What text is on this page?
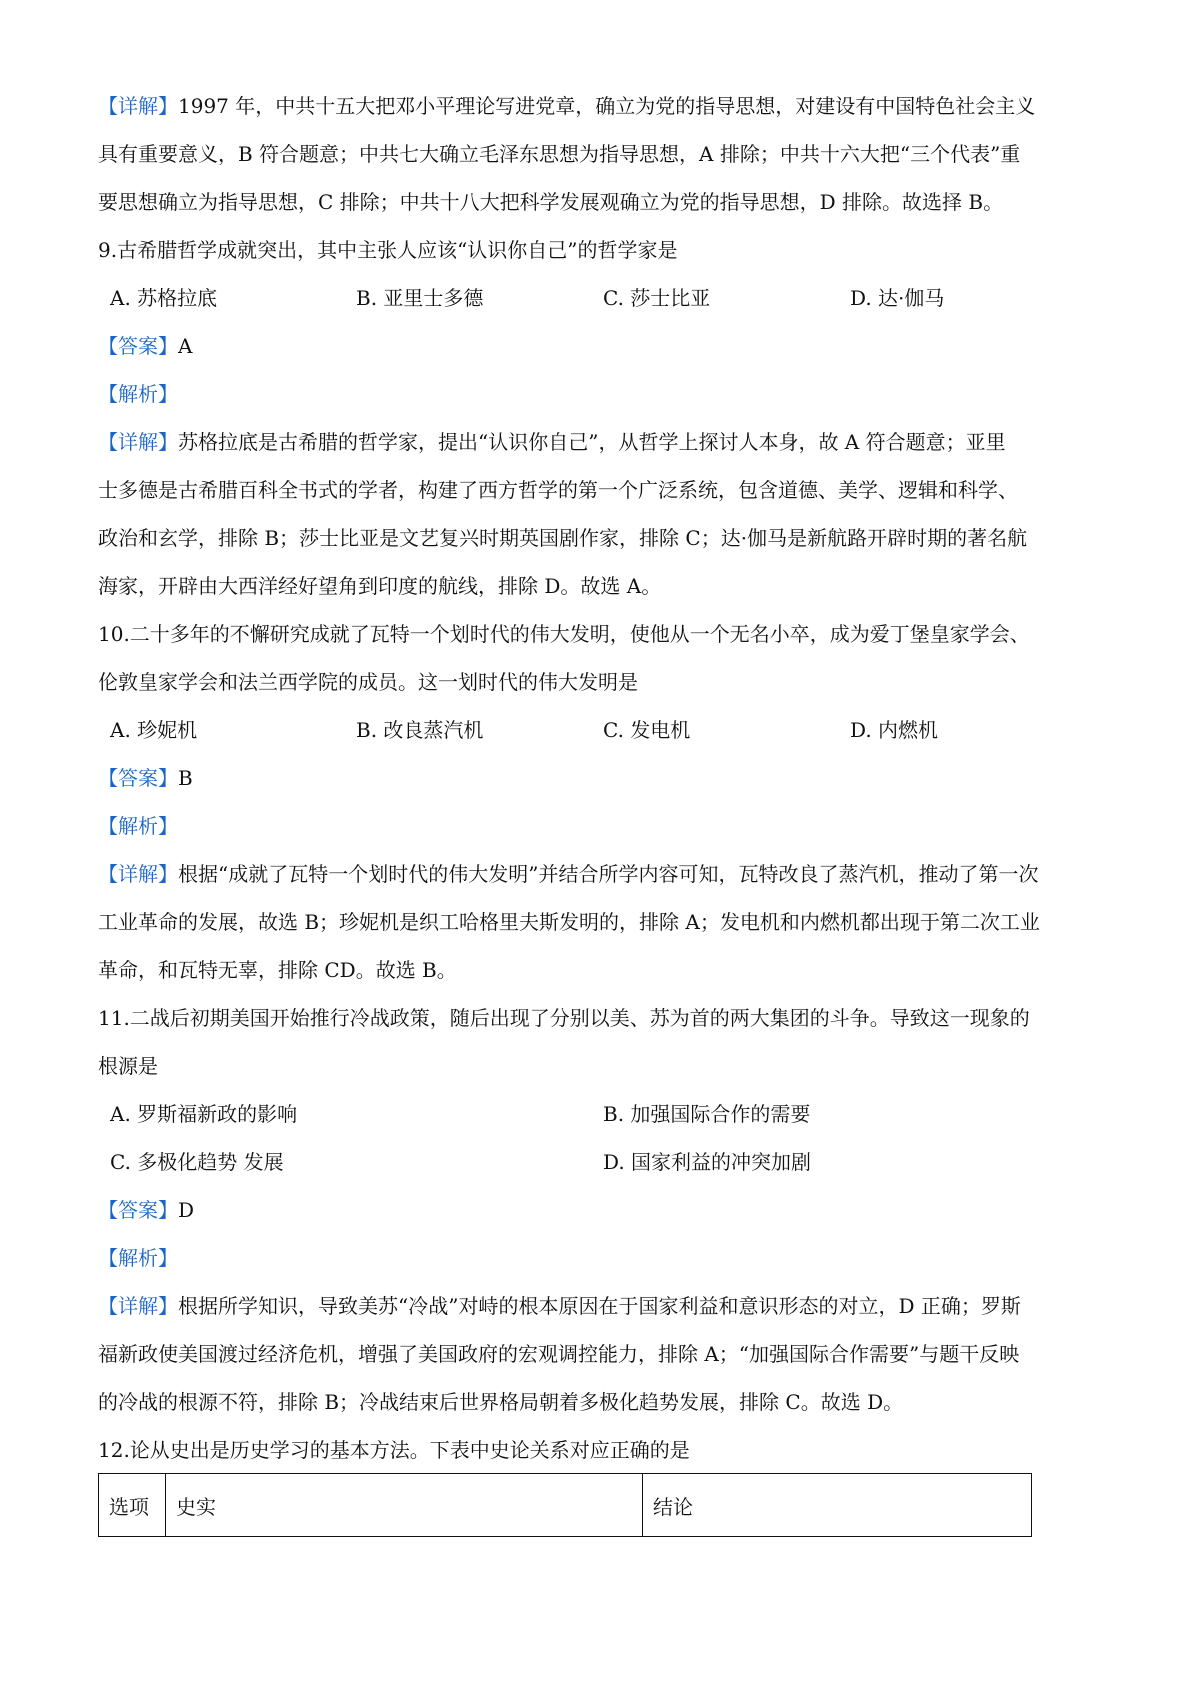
【详解】1997 年，中共十五大把邓小平理论写进党章，确立为党的指导思想，对建设有中国特色社会主义
具有重要意义，B 符合题意；中共七大确立毛泽东思想为指导思想，A 排除；中共十六大把“三个代表”重
要思想确立为指导思想，C 排除；中共十八大把科学发展观确立为党的指导思想，D 排除。故选择 B。
9.古希腊哲学成就突出，其中主张人应该“认识你自己”的哲学家是
A. 苏格拉底	B. 亚里士多德	C. 莎士比亚	D. 达·伽马
【答案】A
【解析】
【详解】苏格拉底是古希腊的哲学家，提出“认识你自己”，从哲学上探讨人本身，故 A 符合题意；亚里
士多德是古希腊百科全书式的学者，构建了西方哲学的第一个广泛系统，包含道德、美学、逻辑和科学、
政治和玄学，排除 B；莎士比亚是文艺复兴时期英国剧作家，排除 C；达·伽马是新航路开辟时期的著名航
海家，开辟由大西洋经好望角到印度的航线，排除 D。故选 A。
10.二十多年的不懈研究成就了瓦特一个划时代的伟大发明，使他从一个无名小卒，成为爱丁堡皇家学会、
伦敦皇家学会和法兰西学院的成员。这一划时代的伟大发明是
A. 珍妮机	B. 改良蒸汽机	C. 发电机	D. 内燃机
【答案】B
【解析】
【详解】根据“成就了瓦特一个划时代的伟大发明”并结合所学内容可知，瓦特改良了蒸汽机，推动了第一次
工业革命的发展，故选 B；珍妮机是织工哈格里夫斯发明的，排除 A；发电机和内燃机都出现于第二次工业
革命，和瓦特无辜，排除 CD。故选 B。
11.二战后初期美国开始推行冷战政策，随后出现了分别以美、苏为首的两大集团的斗争。导致这一现象的
根源是
A. 罗斯福新政的影响	B. 加强国际合作的需要
C. 多极化趋势 发展	D. 国家利益的冲突加剧
【答案】D
【解析】
【详解】根据所学知识，导致美苏“冷战”对峙的根本原因在于国家利益和意识形态的对立，D 正确；罗斯
福新政使美国渡过经济危机，增强了美国政府的宏观调控能力，排除 A；“加强国际合作需要”与题干反映
的冷战的根源不符，排除 B；冷战结束后世界格局朝着多极化趋势发展，排除 C。故选 D。
12.论从史出是历史学习的基本方法。下表中史论关系对应正确的是
选项	史实	结论
